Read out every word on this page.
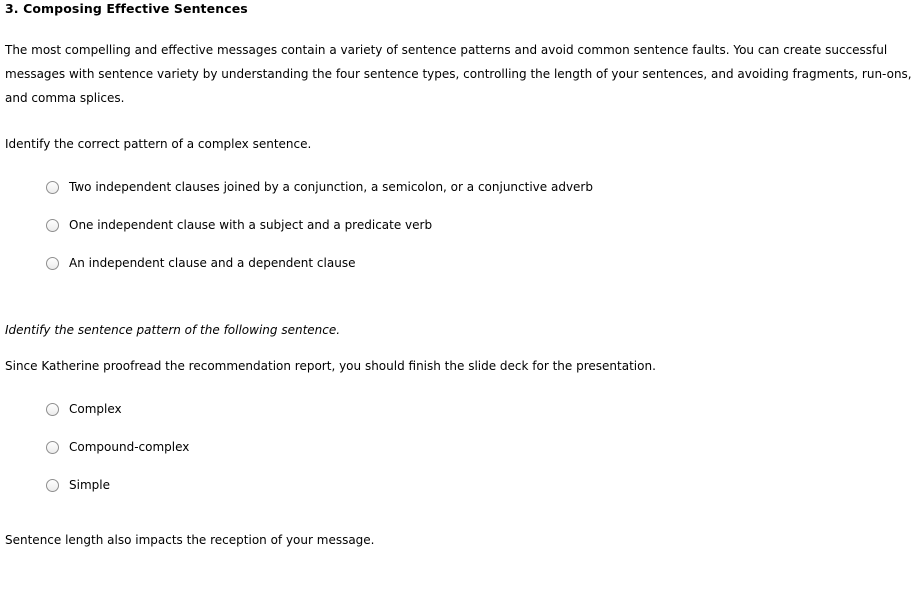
3. Composing Effective Sentences
The most compelling and effective messages contain a variety of sentence patterns and avoid common sentence faults. You can create successful messages with sentence variety by understanding the four sentence types, controlling the length of your sentences, and avoiding fragments, run-ons, and comma splices.
Identify the correct pattern of a complex sentence.
Two independent clauses joined by a conjunction, a semicolon, or a conjunctive adverb
One independent clause with a subject and a predicate verb
An independent clause and a dependent clause
Identify the sentence pattern of the following sentence.
Since Katherine proofread the recommendation report, you should finish the slide deck for the presentation.
Complex
Compound-complex
Simple
Sentence length also impacts the reception of your message.
